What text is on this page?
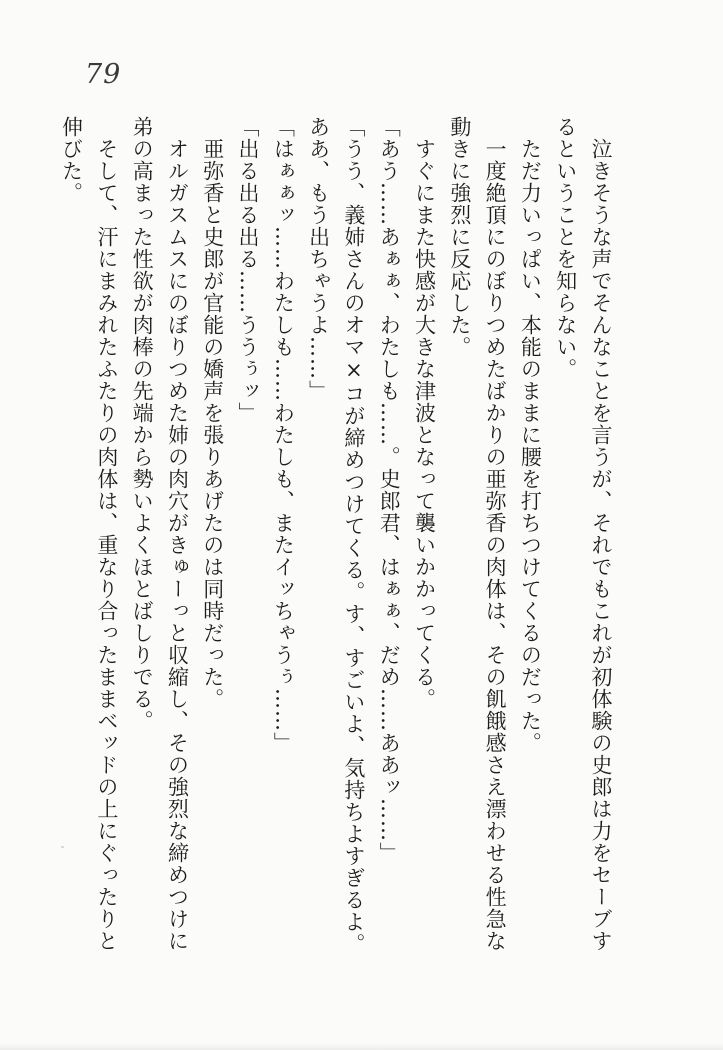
79
泣きそうな声でそんなことを言うが、それでもこれが初体験の史郎は力をセーブす
るということを知らない。
ただ力いっぱい、本能のままに腰を打ちつけてくるのだった。
一度絶頂にのぼりつめたばかりの亜弥香の肉体は、その飢餓感さえ漂わせる性急な
動きに強烈に反応した。
すぐにまた快感が大きな津波となって襲いかかってくる。
「あう……あぁぁ、わたしも……。史郎君、はぁぁ、だめ……ああッ……」
「うう、義姉さんのオマ×コが締めつけてくる。す、すごいよ、気持ちよすぎるよ。
ああ、もう出ちゃうよ……」
「はぁぁッ……わたしも……わたしも、またイッちゃうぅ……」
「出る出る出る……ううぅッ」
亜弥香と史郎が官能の嬌声を張りあげたのは同時だった。
オルガスムスにのぼりつめた姉の肉穴がきゅーっと収縮し、その強烈な締めつけに
弟の高まった性欲が肉棒の先端から勢いよくほとばしりでる。
そして、汗にまみれたふたりの肉体は、重なり合ったままベッドの上にぐったりと
伸びた。
